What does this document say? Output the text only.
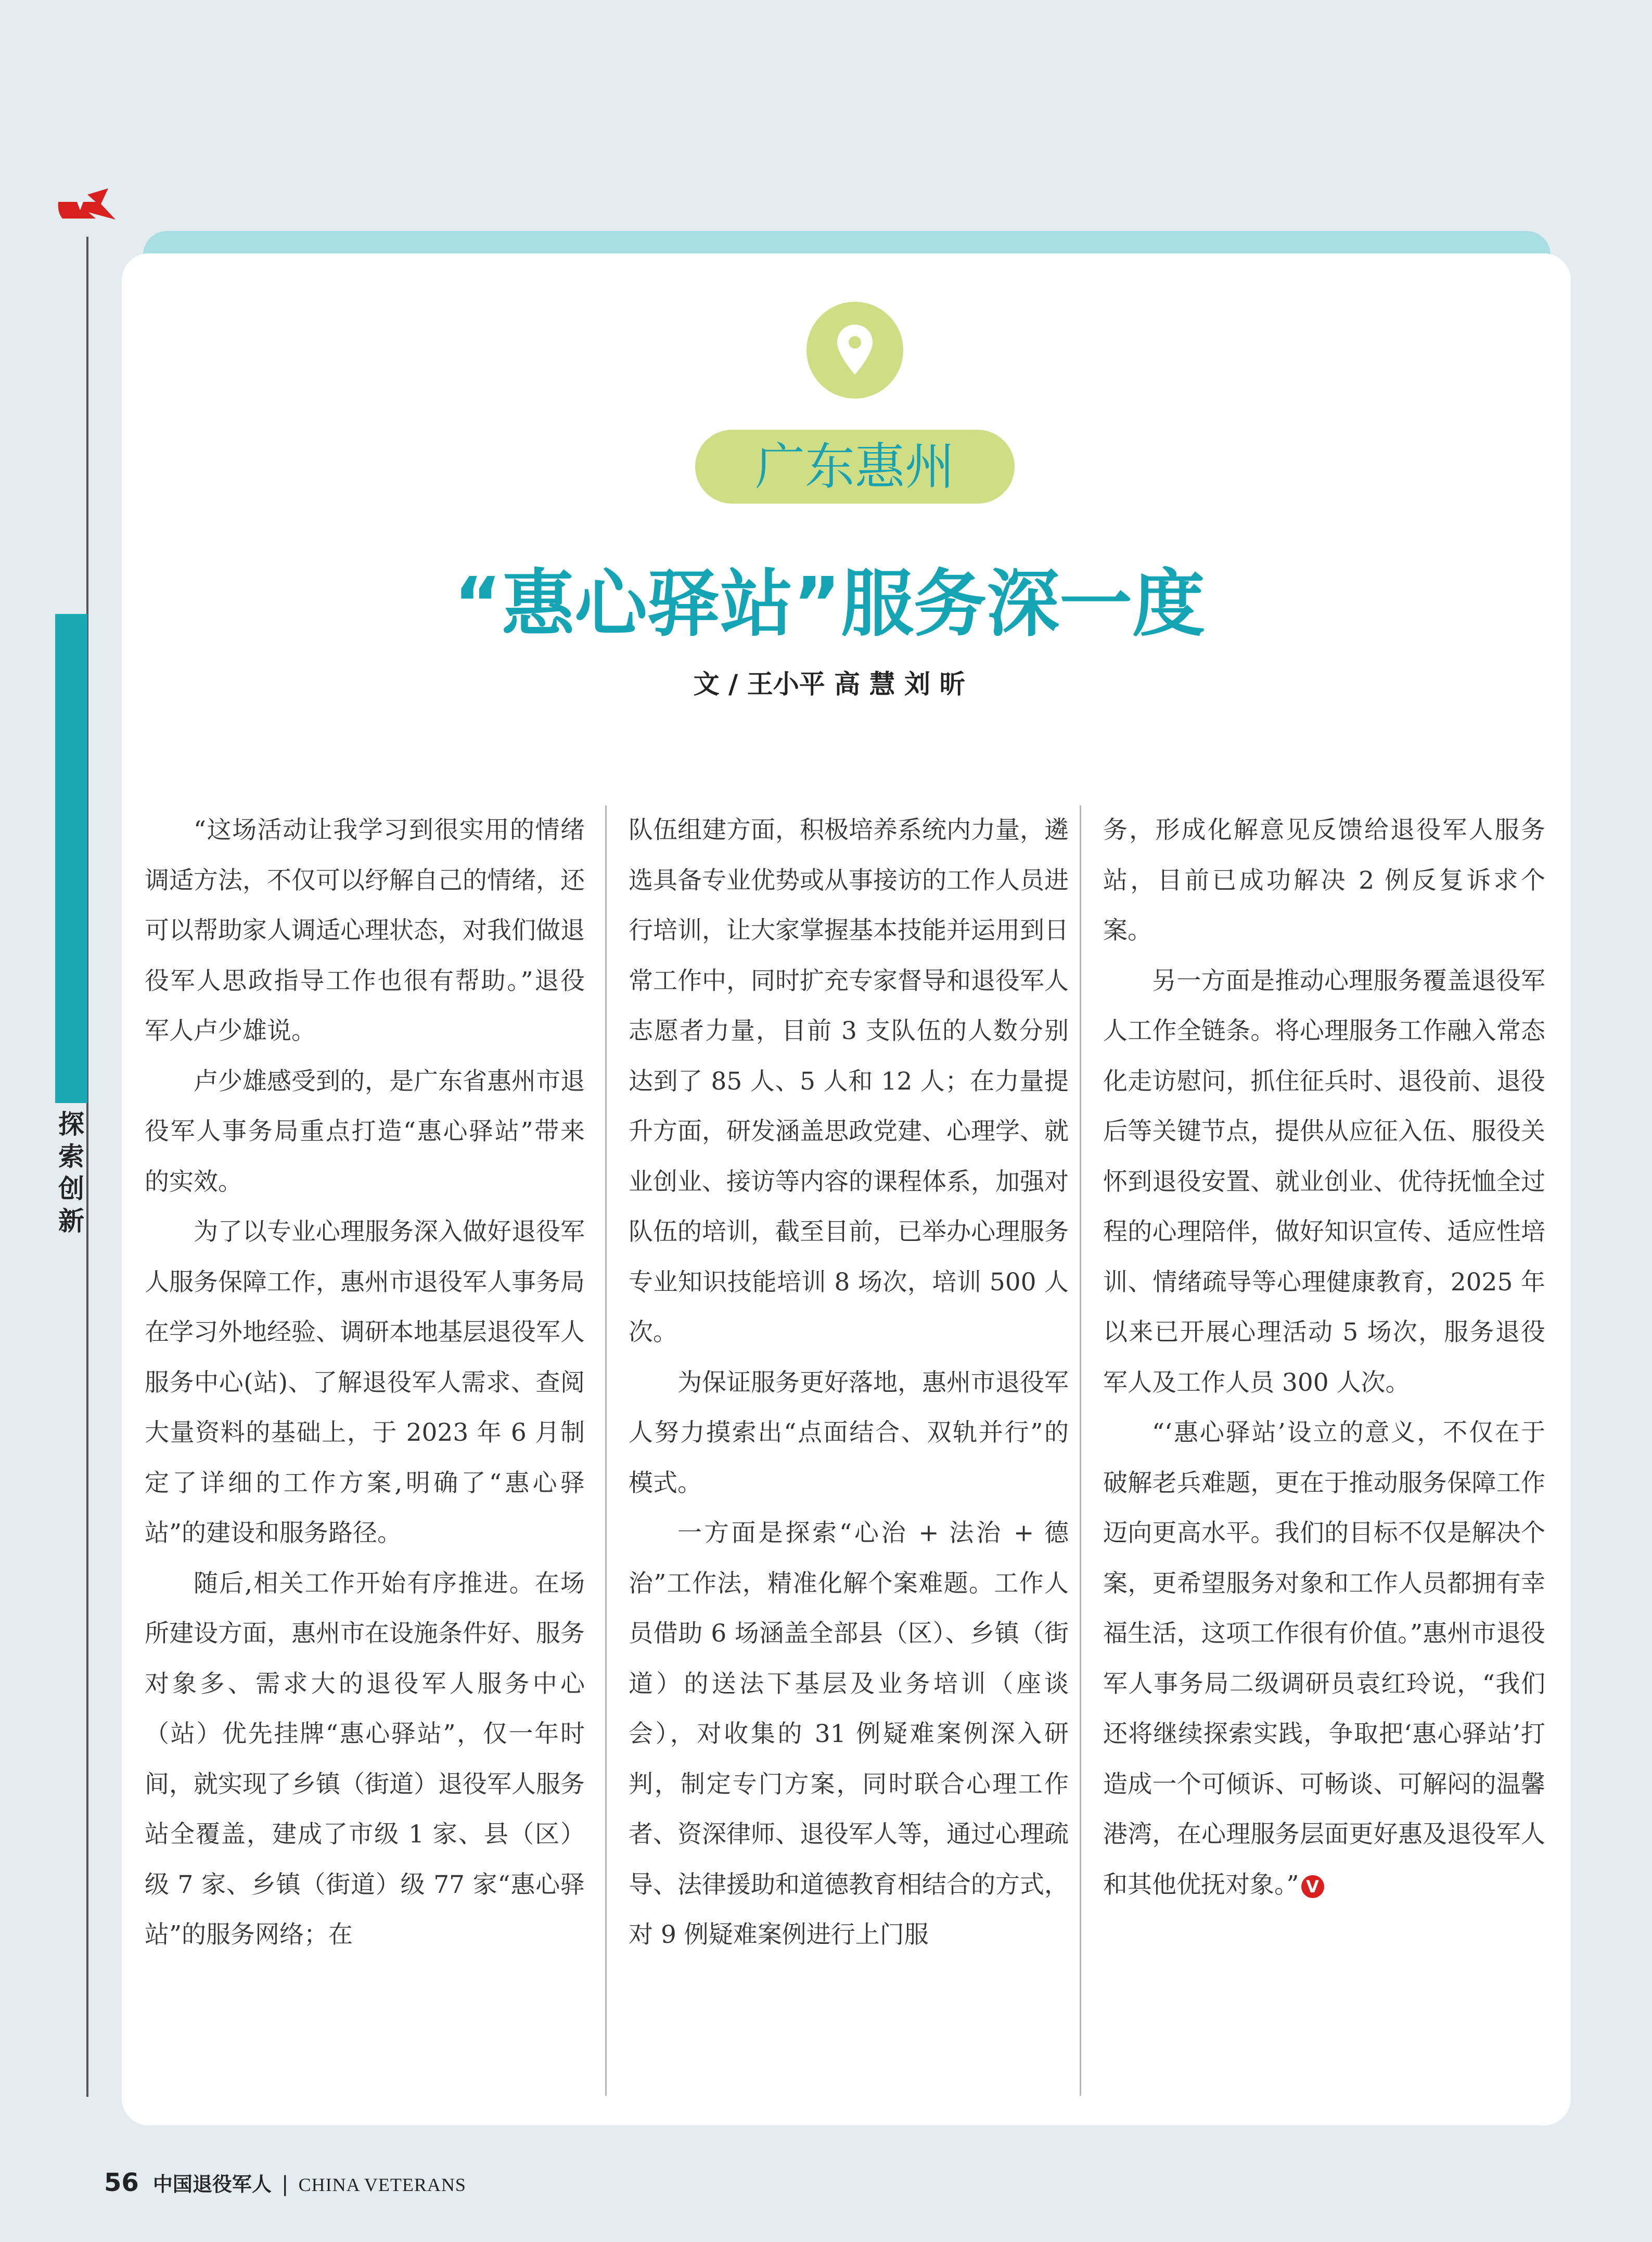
探索创新
广东惠州
“惠心驿站”服务深一度
文 / 王小平 高 慧 刘 昕

“这场活动让我学习到很实用的情绪调适方法，不仅可以纾解自己的情绪，还可以帮助家人调适心理状态，对我们做退役军人思政指导工作也很有帮助。”退役军人卢少雄说。

卢少雄感受到的，是广东省惠州市退役军人事务局重点打造“惠心驿站”带来的实效。

为了以专业心理服务深入做好退役军人服务保障工作，惠州市退役军人事务局在学习外地经验、调研本地基层退役军人服务中心(站)、了解退役军人需求、查阅大量资料的基础上，于 2023 年 6 月制定了详细的工作方案,明确了“惠心驿站”的建设和服务路径。

随后,相关工作开始有序推进。在场所建设方面，惠州市在设施条件好、服务对象多、需求大的退役军人服务中心（站）优先挂牌“惠心驿站”，仅一年时间，就实现了乡镇（街道）退役军人服务站全覆盖，建成了市级 1 家、县（区）级 7 家、乡镇（街道）级 77 家“惠心驿站”的服务网络；在

队伍组建方面，积极培养系统内力量，遴选具备专业优势或从事接访的工作人员进行培训，让大家掌握基本技能并运用到日常工作中，同时扩充专家督导和退役军人志愿者力量，目前 3 支队伍的人数分别达到了 85 人、5 人和 12 人；在力量提升方面，研发涵盖思政党建、心理学、就业创业、接访等内容的课程体系，加强对队伍的培训，截至目前，已举办心理服务专业知识技能培训 8 场次，培训 500 人次。

为保证服务更好落地，惠州市退役军人努力摸索出“点面结合、双轨并行”的模式。

一方面是探索“心治 + 法治 + 德治”工作法，精准化解个案难题。工作人员借助 6 场涵盖全部县（区）、乡镇（街道）的送法下基层及业务培训（座谈会），对收集的 31 例疑难案例深入研判，制定专门方案，同时联合心理工作者、资深律师、退役军人等，通过心理疏导、法律援助和道德教育相结合的方式，对 9 例疑难案例进行上门服

务，形成化解意见反馈给退役军人服务站，目前已成功解决 2 例反复诉求个案。

另一方面是推动心理服务覆盖退役军人工作全链条。将心理服务工作融入常态化走访慰问，抓住征兵时、退役前、退役后等关键节点，提供从应征入伍、服役关怀到退役安置、就业创业、优待抚恤全过程的心理陪伴，做好知识宣传、适应性培训、情绪疏导等心理健康教育，2025 年以来已开展心理活动 5 场次，服务退役军人及工作人员 300 人次。

“‘惠心驿站’设立的意义，不仅在于破解老兵难题，更在于推动服务保障工作迈向更高水平。我们的目标不仅是解决个案，更希望服务对象和工作人员都拥有幸福生活，这项工作很有价值。”惠州市退役军人事务局二级调研员袁红玲说，“我们还将继续探索实践，争取把‘惠心驿站’打造成一个可倾诉、可畅谈、可解闷的温馨港湾，在心理服务层面更好惠及退役军人和其他优抚对象。” V

56 中国退役军人 | CHINA VETERANS
